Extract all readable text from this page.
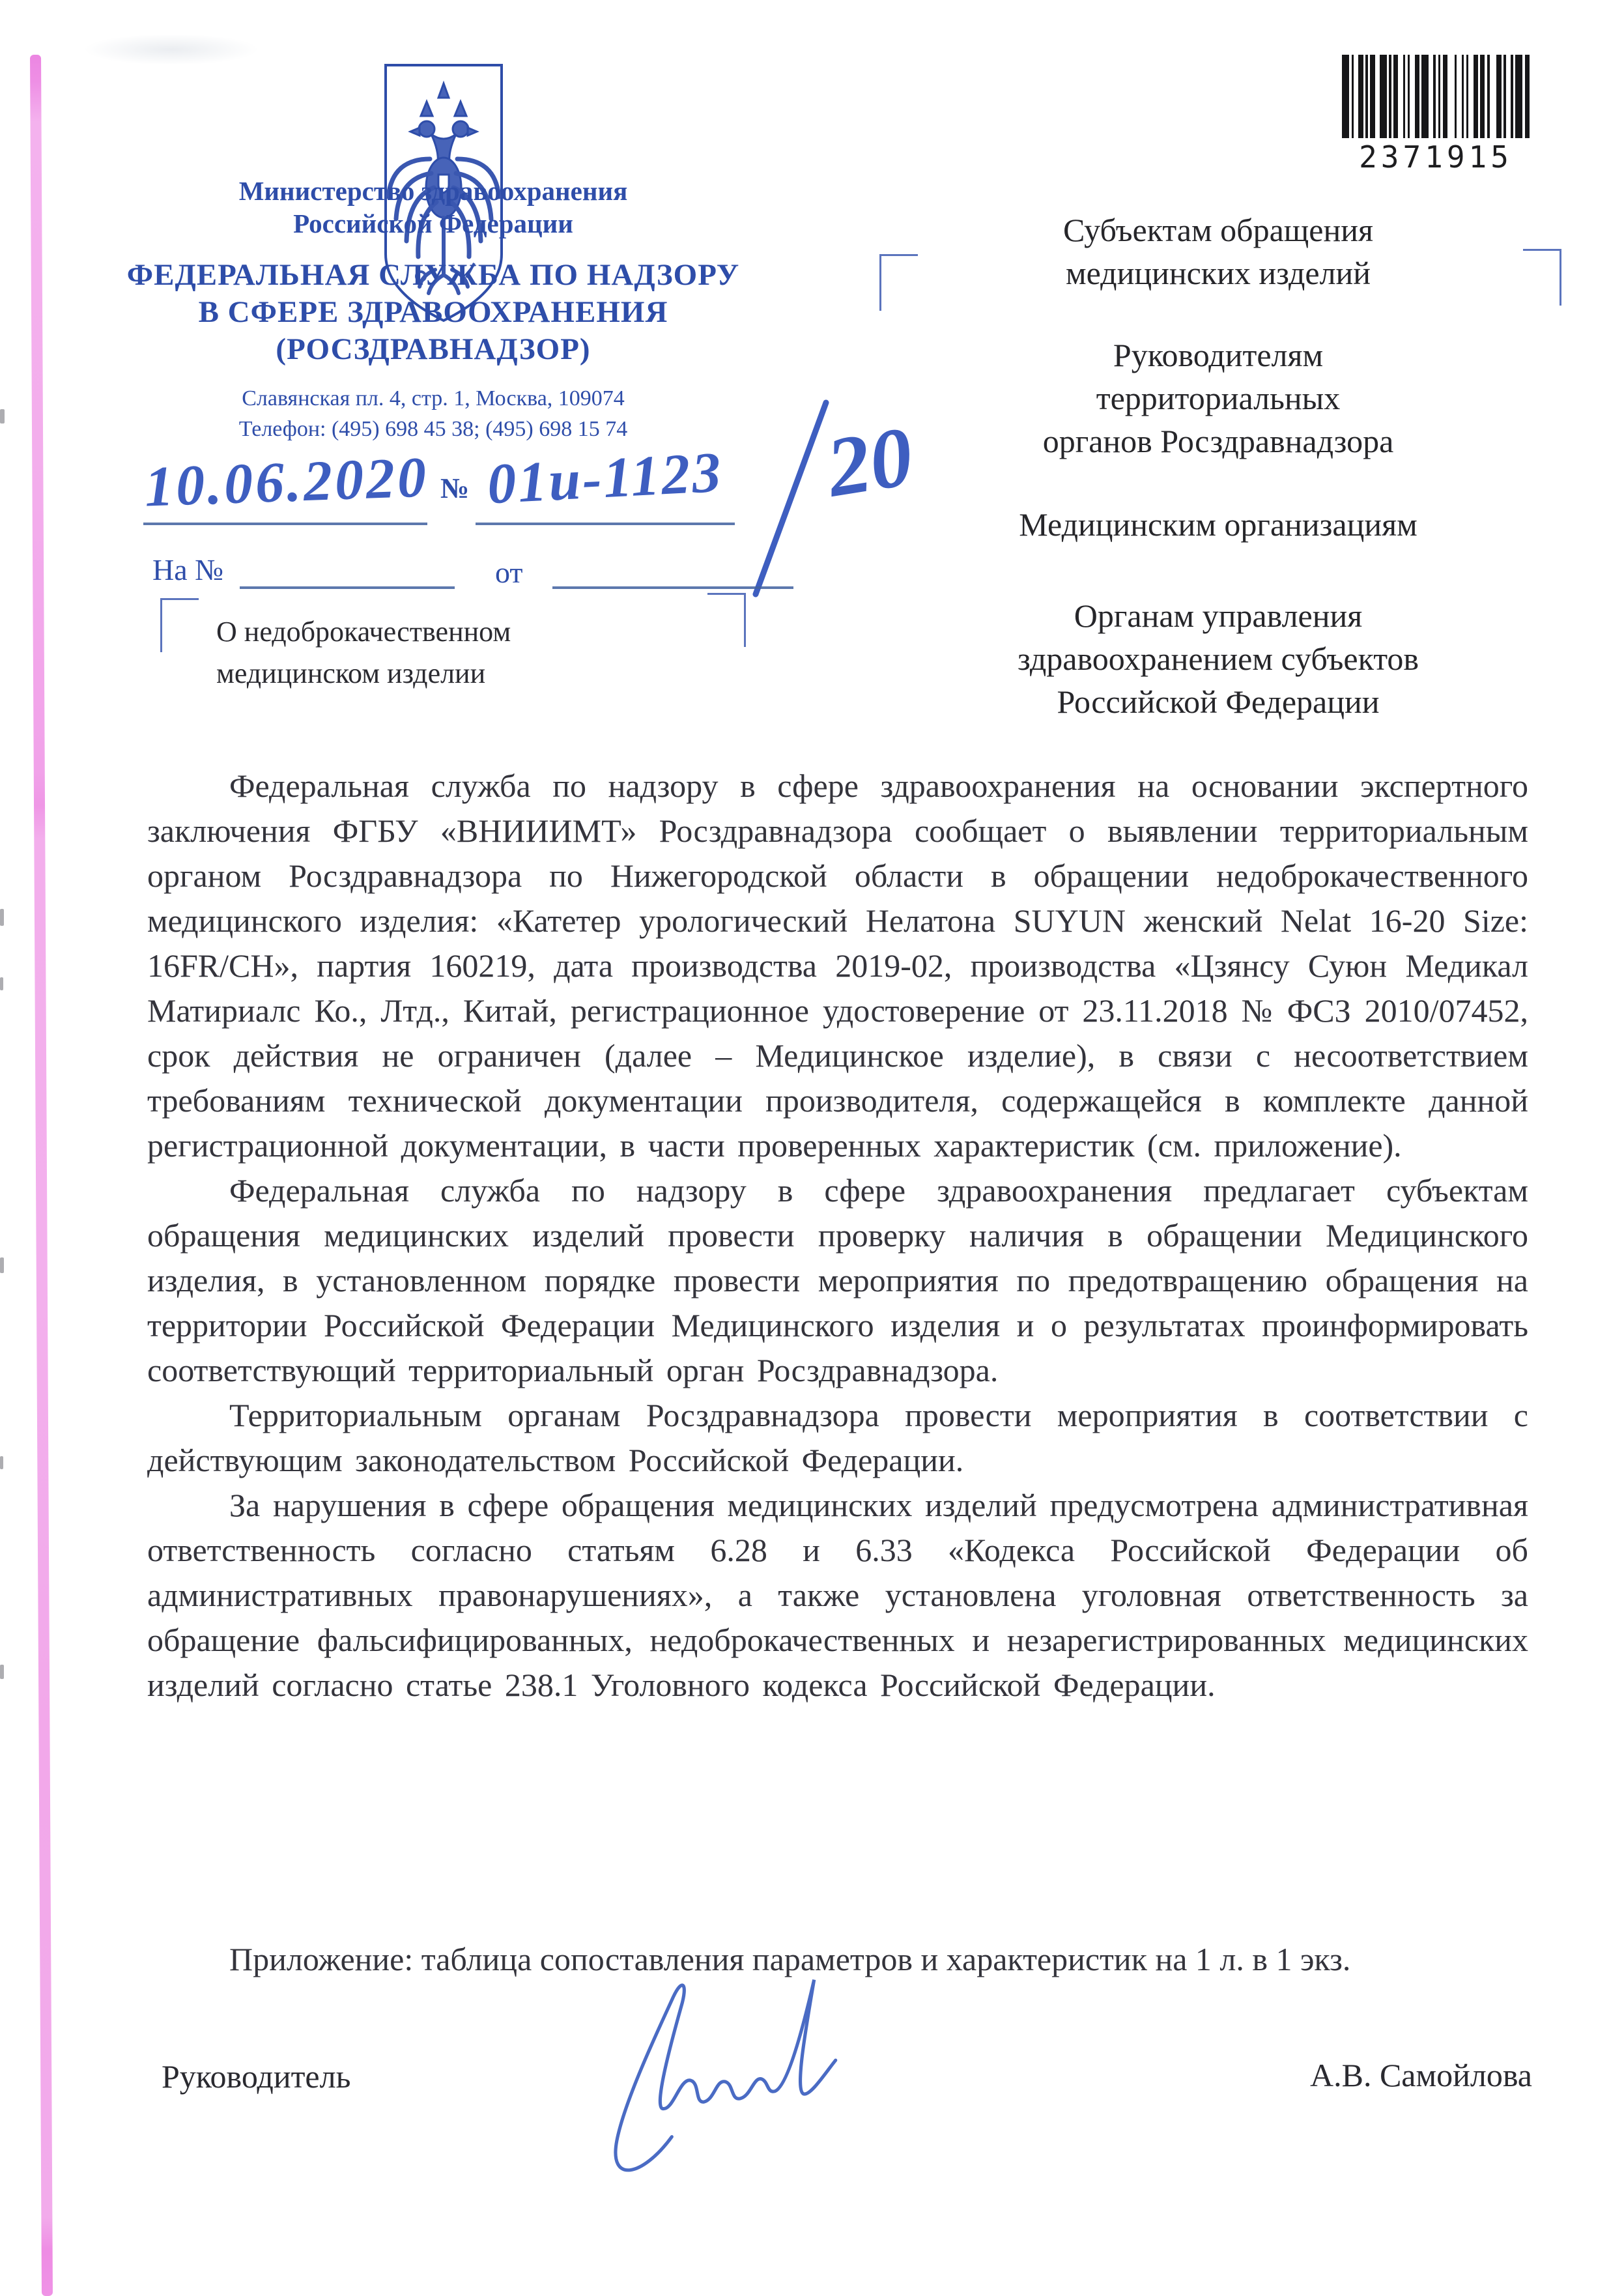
Министерство здравоохранения
Российской Федерации
ФЕДЕРАЛЬНАЯ СЛУЖБА ПО НАДЗОРУ
В СФЕРЕ ЗДРАВООХРАНЕНИЯ
(РОСЗДРАВНАДЗОР)
Славянская пл. 4, стр. 1, Москва, 109074
Телефон: (495) 698 45 38; (495) 698 15 74
2371915
10.06.2020 № 01и-1123 20
На №	от
О недоброкачественном
медицинском изделии
Субъектам обращения
медицинских изделий
Руководителям
территориальных
органов Росздравнадзора
Медицинским организациям
Органам управления
здравоохранением субъектов
Российской Федерации

Федеральная служба по надзору в сфере здравоохранения на основании экспертного заключения ФГБУ «ВНИИИМТ» Росздравнадзора сообщает о выявлении территориальным органом Росздравнадзора по Нижегородской области в обращении недоброкачественного медицинского изделия: «Катетер урологический Нелатона SUYUN женский Nelat 16-20 Size: 16FR/CH», партия 160219, дата производства 2019-02, производства «Цзянсу Суюн Медикал Матириалс Ко., Лтд., Китай, регистрационное удостоверение от 23.11.2018 № ФСЗ 2010/07452, срок действия не ограничен (далее – Медицинское изделие), в связи с несоответствием требованиям технической документации производителя, содержащейся в комплекте данной регистрационной документации, в части проверенных характеристик (см. приложение).

Федеральная служба по надзору в сфере здравоохранения предлагает субъектам обращения медицинских изделий провести проверку наличия в обращении Медицинского изделия, в установленном порядке провести мероприятия по предотвращению обращения на территории Российской Федерации Медицинского изделия и о результатах проинформировать соответствующий территориальный орган Росздравнадзора.

Территориальным органам Росздравнадзора провести мероприятия в соответствии с действующим законодательством Российской Федерации.

За нарушения в сфере обращения медицинских изделий предусмотрена административная ответственность согласно статьям 6.28 и 6.33 «Кодекса Российской Федерации об административных правонарушениях», а также установлена уголовная ответственность за обращение фальсифицированных, недоброкачественных и незарегистрированных медицинских изделий согласно статье 238.1 Уголовного кодекса Российской Федерации.

Приложение: таблица сопоставления параметров и характеристик на 1 л. в 1 экз.
Руководитель	А.В. Самойлова
